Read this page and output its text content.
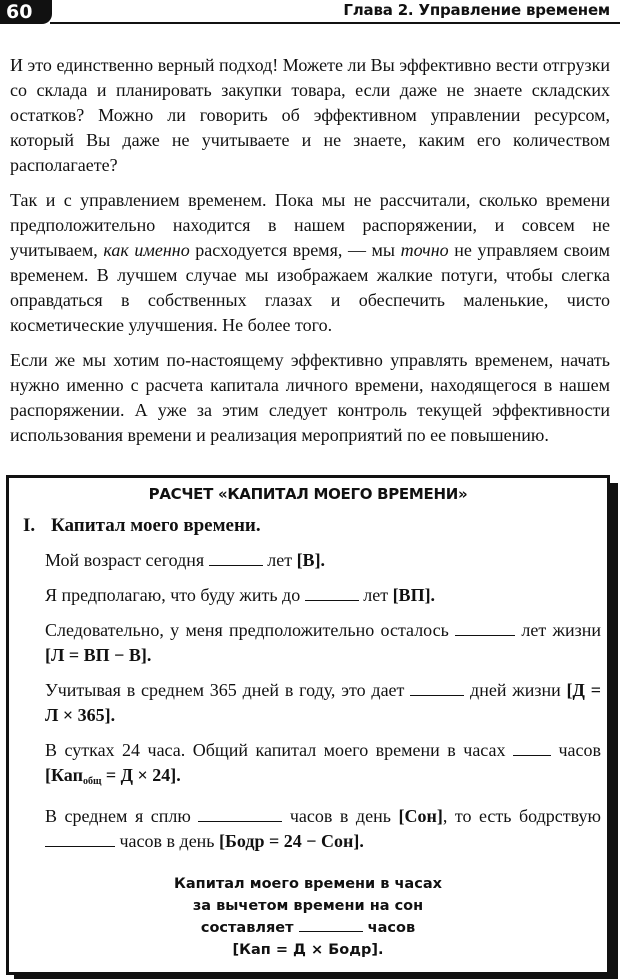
60	Глава 2. Управление временем

И это единственно верный подход! Можете ли Вы эффективно вести отгрузки со склада и планировать закупки товара, если даже не знаете складских остатков? Можно ли говорить об эффективном управлении ресурсом, который Вы даже не учитываете и не знаете, каким его количеством располагаете?

Так и с управлением временем. Пока мы не рассчитали, сколько времени предположительно находится в нашем распоряжении, и совсем не учитываем, как именно расходуется время, — мы точно не управляем своим временем. В лучшем случае мы изображаем жалкие потуги, чтобы слегка оправдаться в собственных глазах и обеспечить маленькие, чисто косметические улучшения. Не более того.

Если же мы хотим по-настоящему эффективно управлять временем, начать нужно именно с расчета капитала личного времени, находящегося в нашем распоряжении. А уже за этим следует контроль текущей эффективности использования времени и реализация мероприятий по ее повышению.

РАСЧЕТ «КАПИТАЛ МОЕГО ВРЕМЕНИ»
I. Капитал моего времени.

Мой возраст сегодня	лет [В].

Я предполагаю, что буду жить до	лет [ВП].

Следовательно, у меня предположительно осталось	лет жизни [Л = ВП − В].

Учитывая в среднем 365 дней в году, это дает	дней жизни [Д = Л × 365].

В сутках 24 часа. Общий капитал моего времени в часах  часов [Кап$_{общ}$ = Д × 24].

В среднем я сплю	часов в день [Сон], то есть бодрствую  часов в день [Бодр = 24 − Сон].

Капитал моего времени в часах
за вычетом времени на сон
составляет	часов
[Кап = Д × Бодр].
